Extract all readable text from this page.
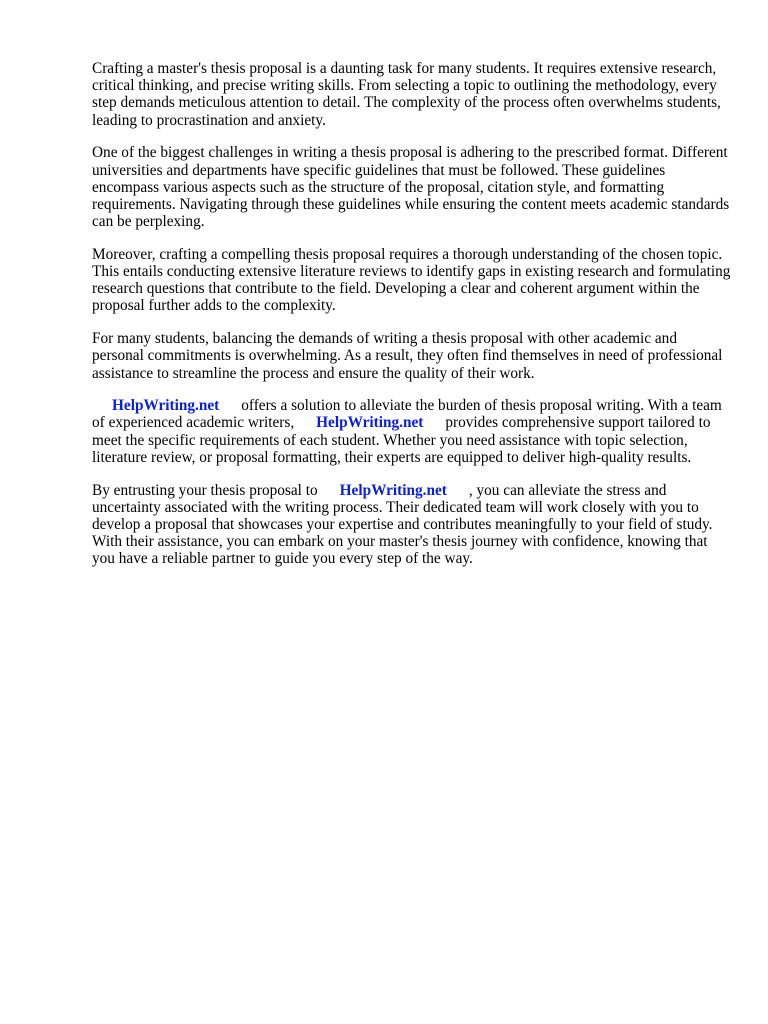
Crafting a master's thesis proposal is a daunting task for many students. It requires extensive research, critical thinking, and precise writing skills. From selecting a topic to outlining the methodology, every step demands meticulous attention to detail. The complexity of the process often overwhelms students, leading to procrastination and anxiety.

One of the biggest challenges in writing a thesis proposal is adhering to the prescribed format. Different universities and departments have specific guidelines that must be followed. These guidelines encompass various aspects such as the structure of the proposal, citation style, and formatting requirements. Navigating through these guidelines while ensuring the content meets academic standards can be perplexing.

Moreover, crafting a compelling thesis proposal requires a thorough understanding of the chosen topic. This entails conducting extensive literature reviews to identify gaps in existing research and formulating research questions that contribute to the field. Developing a clear and coherent argument within the proposal further adds to the complexity.

For many students, balancing the demands of writing a thesis proposal with other academic and personal commitments is overwhelming. As a result, they often find themselves in need of professional assistance to streamline the process and ensure the quality of their work.

HelpWriting.net offers a solution to alleviate the burden of thesis proposal writing. With a team of experienced academic writers, HelpWriting.net provides comprehensive support tailored to meet the specific requirements of each student. Whether you need assistance with topic selection, literature review, or proposal formatting, their experts are equipped to deliver high-quality results.

By entrusting your thesis proposal to HelpWriting.net , you can alleviate the stress and uncertainty associated with the writing process. Their dedicated team will work closely with you to develop a proposal that showcases your expertise and contributes meaningfully to your field of study. With their assistance, you can embark on your master's thesis journey with confidence, knowing that you have a reliable partner to guide you every step of the way.
